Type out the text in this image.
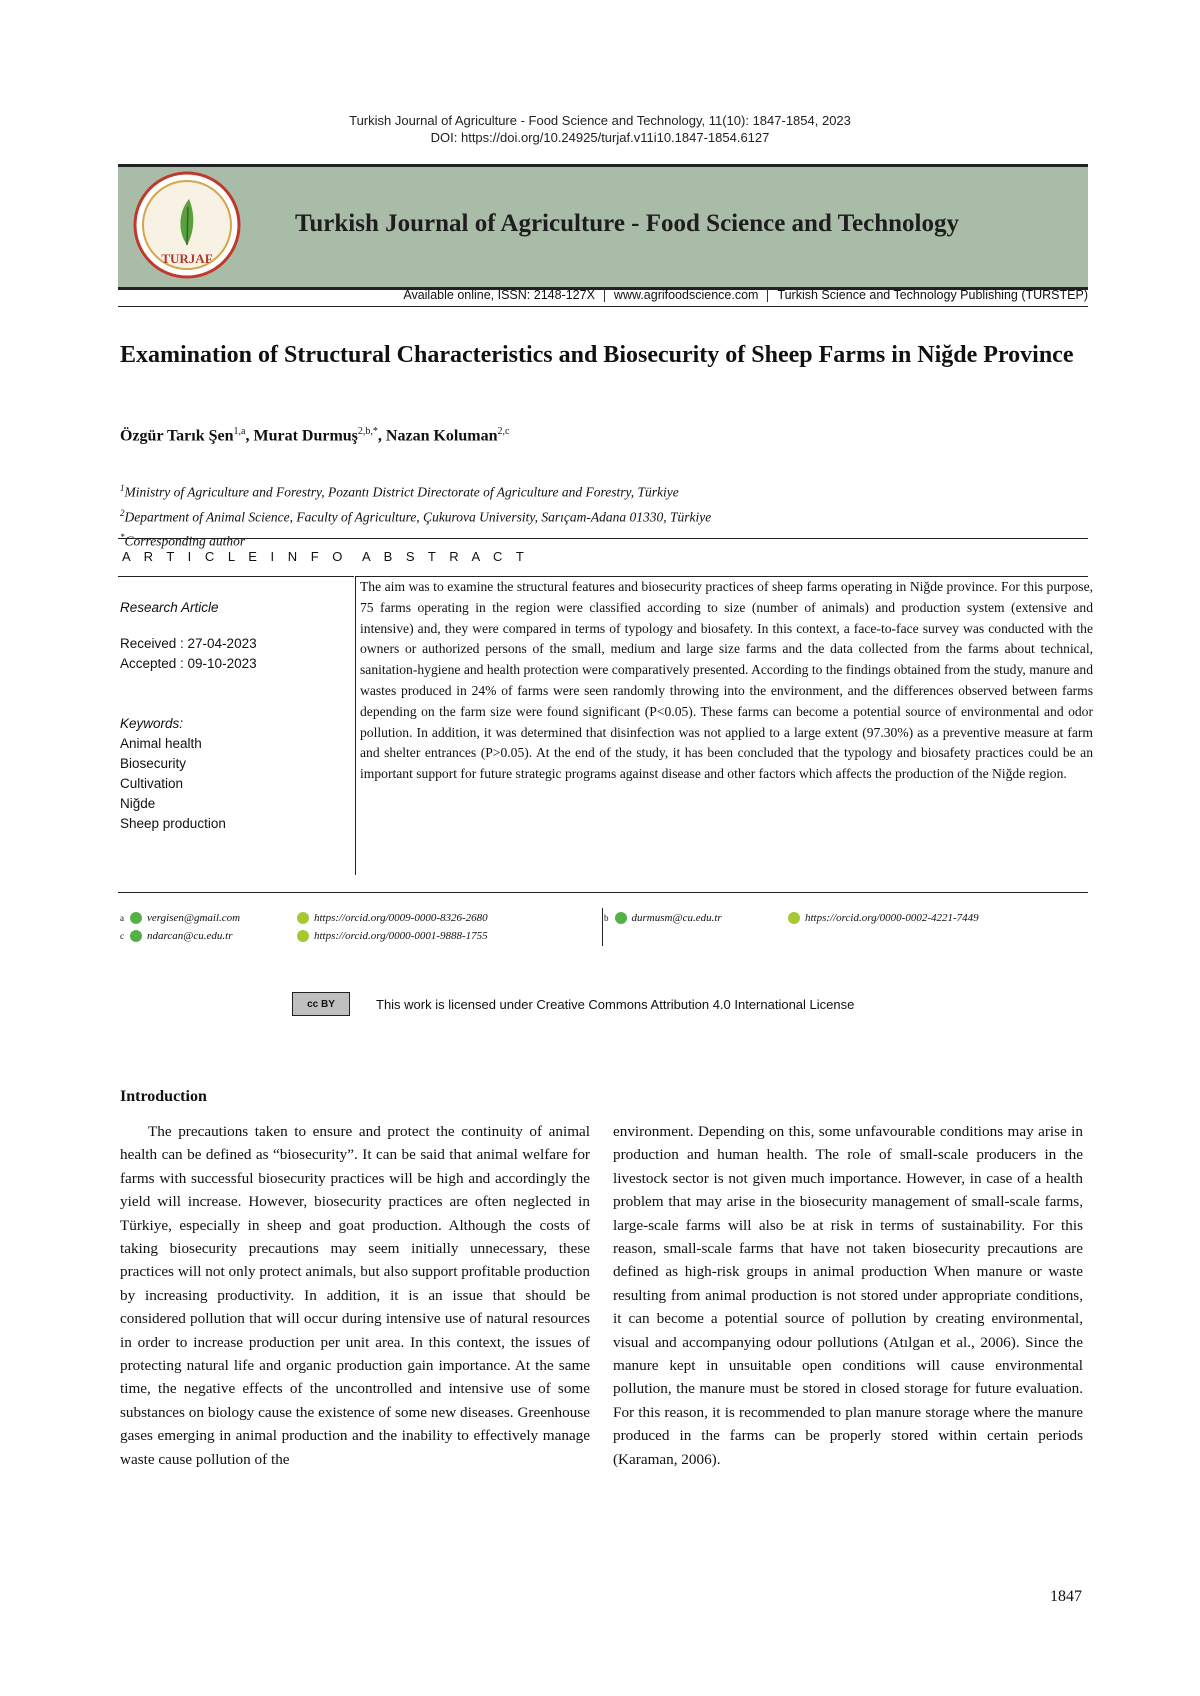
Turkish Journal of Agriculture - Food Science and Technology, 11(10): 1847-1854, 2023
DOI: https://doi.org/10.24925/turjaf.v11i10.1847-1854.6127
TURJAF
Turkish Journal of Agriculture - Food Science and Technology
Available online, ISSN: 2148-127X	www.agrifoodscience.com	Turkish Science and Technology Publishing (TURSTEP)
Examination of Structural Characteristics and Biosecurity of Sheep Farms in Niğde Province
Özgür Tarık Şen$^{1,a}$, Murat Durmuş$^{2,b,*}$, Nazan Koluman$^{2,c}$
$^1$Ministry of Agriculture and Forestry, Pozantı District Directorate of Agriculture and Forestry, Türkiye
$^2$Department of Animal Science, Faculty of Agriculture, Çukurova University, Sarıçam-Adana 01330, Türkiye
*Corresponding author
A R T I C L E I N F O A B S T R A C T

Research Article

Received : 27-04-2023

Accepted : 09-10-2023

Keywords:

Animal health

Biosecurity

Cultivation

Niğde

Sheep production

The aim was to examine the structural features and biosecurity practices of sheep farms operating in Niğde province. For this purpose, 75 farms operating in the region were classified according to size (number of animals) and production system (extensive and intensive) and, they were compared in terms of typology and biosafety. In this context, a face-to-face survey was conducted with the owners or authorized persons of the small, medium and large size farms and the data collected from the farms about technical, sanitation-hygiene and health protection were comparatively presented. According to the findings obtained from the study, manure and wastes produced in 24% of farms were seen randomly throwing into the environment, and the differences observed between farms depending on the farm size were found significant (P<0.05). These farms can become a potential source of environmental and odor pollution. In addition, it was determined that disinfection was not applied to a large extent (97.30%) as a preventive measure at farm and shelter entrances (P>0.05). At the end of the study, it has been concluded that the typology and biosafety practices could be an important support for future strategic programs against disease and other factors which affects the production of the Niğde region.
a vergisen@gmail.com	https://orcid.org/0009-0000-8326-2680
c ndarcan@cu.edu.tr	https://orcid.org/0000-0001-9888-1755
b durmusm@cu.edu.tr	https://orcid.org/0000-0002-4221-7449
cc BY	This work is licensed under Creative Commons Attribution 4.0 International License
Introduction

The precautions taken to ensure and protect the continuity of animal health can be defined as “biosecurity”. It can be said that animal welfare for farms with successful biosecurity practices will be high and accordingly the yield will increase. However, biosecurity practices are often neglected in Türkiye, especially in sheep and goat production. Although the costs of taking biosecurity precautions may seem initially unnecessary, these practices will not only protect animals, but also support profitable production by increasing productivity. In addition, it is an issue that should be considered pollution that will occur during intensive use of natural resources in order to increase production per unit area. In this context, the issues of protecting natural life and organic production gain importance. At the same time, the negative effects of the uncontrolled and intensive use of some substances on biology cause the existence of some new diseases. Greenhouse gases emerging in animal production and the inability to effectively manage waste cause pollution of the

environment. Depending on this, some unfavourable conditions may arise in production and human health. The role of small-scale producers in the livestock sector is not given much importance. However, in case of a health problem that may arise in the biosecurity management of small-scale farms, large-scale farms will also be at risk in terms of sustainability. For this reason, small-scale farms that have not taken biosecurity precautions are defined as high-risk groups in animal production When manure or waste resulting from animal production is not stored under appropriate conditions, it can become a potential source of pollution by creating environmental, visual and accompanying odour pollutions (Atılgan et al., 2006). Since the manure kept in unsuitable open conditions will cause environmental pollution, the manure must be stored in closed storage for future evaluation. For this reason, it is recommended to plan manure storage where the manure produced in the farms can be properly stored within certain periods (Karaman, 2006).

1847
